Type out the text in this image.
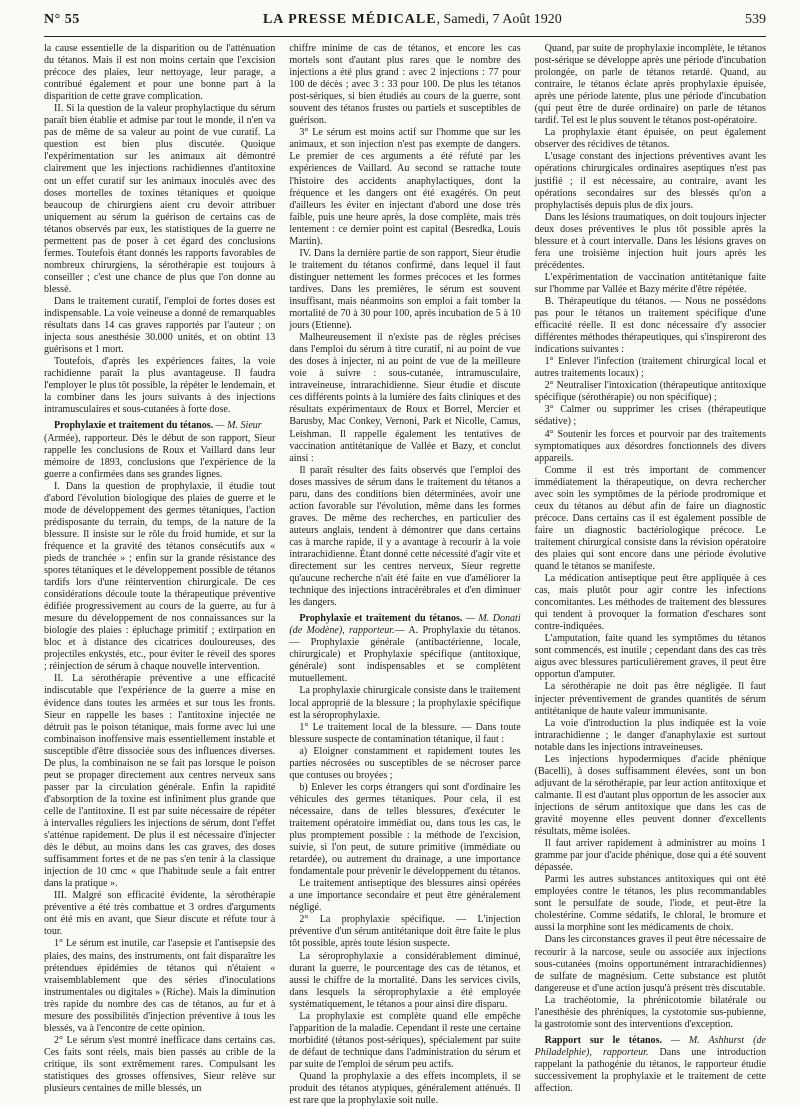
N° 55	LA PRESSE MÉDICALE, Samedi, 7 Août 1920	539

la cause essentielle de la disparition ou de l'atténuation du tétanos. Mais il est non moins certain que l'excision précoce des plaies, leur nettoyage, leur parage, a contribué également et pour une bonne part à la disparition de cette grave complication.

II. Si la question de la valeur prophylactique du sérum paraît bien établie et admise par tout le monde, il n'en va pas de même de sa valeur au point de vue curatif. La question est bien plus discutée. Quoique l'expérimentation sur les animaux ait démontré clairement que les injections rachidiennes d'antitoxine ont un effet curatif sur les animaux inoculés avec des doses mortelles de toxines tétaniques et quoique beaucoup de chirurgiens aient cru devoir attribuer uniquement au sérum la guérison de certains cas de tétanos observés par eux, les statistiques de la guerre ne permettent pas de poser à cet égard des conclusions fermes. Toutefois étant donnés les rapports favorables de nombreux chirurgiens, la sérothérapie est toujours à conseiller ; c'est une chance de plus que l'on donne au blessé.

Dans le traitement curatif, l'emploi de fortes doses est indispensable. La voie veineuse a donné de remarquables résultats dans 14 cas graves rapportés par l'auteur ; on injecta sous anesthésie 30.000 unités, et on obtint 13 guérisons et 1 mort.

Toutefois, d'après les expériences faites, la voie rachidienne paraît la plus avantageuse. Il faudra l'employer le plus tôt possible, la répéter le lendemain, et la combiner dans les jours suivants à des injections intramusculaires et sous-cutanées à forte dose.

Prophylaxie et traitement du tétanos. — M. Sieur

(Armée), rapporteur. Dès le début de son rapport, Sieur rappelle les conclusions de Roux et Vaillard dans leur mémoire de 1893, conclusions que l'expérience de la guerre a confirmées dans ses grandes lignes.

I. Dans la question de prophylaxie, il étudie tout d'abord l'évolution biologique des plaies de guerre et le mode de développement des germes tétaniques, l'action prédisposante du terrain, du temps, de la nature de la blessure. Il insiste sur le rôle du froid humide, et sur la fréquence et la gravité des tétanos consécutifs aux « pieds de tranchée » ; enfin sur la grande résistance des spores tétaniques et le développement possible de tétanos tardifs lors d'une réintervention chirurgicale. De ces considérations découle toute la thérapeutique préventive édifiée progressivement au cours de la guerre, au fur à mesure du développement de nos connaissances sur la biologie des plaies : épluchage primitif ; extirpation en bloc et à distance des cicatrices douloureuses, des projectiles enkystés, etc., pour éviter le réveil des spores ; réinjection de sérum à chaque nouvelle intervention.

II. La sérothérapie préventive a une efficacité indiscutable que l'expérience de la guerre a mise en évidence dans toutes les armées et sur tous les fronts. Sieur en rappelle les bases : l'antitoxine injectée ne détruit pas le poison tétanique, mais forme avec lui une combinaison inoffensive mais essentiellement instable et susceptible d'être dissociée sous des influences diverses. De plus, la combinaison ne se fait pas lorsque le poison peut se propager directement aux centres nerveux sans passer par la circulation générale. Enfin la rapidité d'absorption de la toxine est infiniment plus grande que celle de l'antitoxine. Il est par suite nécessaire de répéter à intervalles réguliers les injections de sérum, dont l'effet s'atténue rapidement. De plus il est nécessaire d'injecter dès le début, au moins dans les cas graves, des doses suffisamment fortes et de ne pas s'en tenir à la classique injection de 10 cmc « que l'habitude seule a fait entrer dans la pratique ».

III. Malgré son efficacité évidente, la sérothérapie préventive a été très combattue et 3 ordres d'arguments ont été mis en avant, que Sieur discute et réfute tour à tour.

1° Le sérum est inutile, car l'asepsie et l'antisepsie des plaies, des mains, des instruments, ont fait disparaître les prétendues épidémies de tétanos qui n'étaient « vraisemblablement que des séries d'inoculations instrumentales ou digitales » (Riche). Mais la diminution très rapide du nombre des cas de tétanos, au fur et à mesure des possibilités d'injection préventive à tous les blessés, va à l'encontre de cette opinion.

2° Le sérum s'est montré inefficace dans certains cas. Ces faits sont réels, mais bien passés au crible de la critique, ils sont extrêmement rares. Compulsant les statistiques des grosses offensives, Sieur relève sur plusieurs centaines de mille blessés, un

chiffre minime de cas de tétanos, et encore les cas mortels sont d'autant plus rares que le nombre des injections a été plus grand : avec 2 injections : 77 pour 100 de décès ; avec 3 : 33 pour 100. De plus les tétanos post-sériques, si bien étudiés au cours de la guerre, sont souvent des tétanos frustes ou partiels et susceptibles de guérison.

3° Le sérum est moins actif sur l'homme que sur les animaux, et son injection n'est pas exempte de dangers. Le premier de ces arguments a été réfuté par les expériences de Vaillard. Au second se rattache toute l'histoire des accidents anaphylactiques, dont la fréquence et les dangers ont été exagérés. On peut d'ailleurs les éviter en injectant d'abord une dose très faible, puis une heure après, la dose complète, mais très lentement : ce dernier point est capital (Besredka, Louis Martin).

IV. Dans la dernière partie de son rapport, Sieur étudie le traitement du tétanos confirmé, dans lequel il faut distinguer nettement les formes précoces et les formes tardives. Dans les premières, le sérum est souvent insuffisant, mais néanmoins son emploi a fait tomber la mortalité de 70 à 30 pour 100, après incubation de 5 à 10 jours (Etienne).

Malheureusement il n'existe pas de règles précises dans l'emploi du sérum à titre curatif, ni au point de vue des doses à injecter, ni au point de vue de la meilleure voie à suivre : sous-cutanée, intramusculaire, intraveineuse, intrarachidienne. Sieur étudie et discute ces différents points à la lumière des faits cliniques et des résultats expérimentaux de Roux et Borrel, Mercier et Barusby, Mac Conkey, Vernoni, Park et Nicolle, Camus, Leishman. Il rappelle également les tentatives de vaccination antitétanique de Vallée et Bazy, et conclut ainsi :

Il paraît résulter des faits observés que l'emploi des doses massives de sérum dans le traitement du tétanos a paru, dans des conditions bien déterminées, avoir une action favorable sur l'évolution, même dans les formes graves. De même des recherches, en particulier des auteurs anglais, tendent à démontrer que dans certains cas à marche rapide, il y a avantage à recourir à la voie intrarachidienne. Étant donné cette nécessité d'agir vite et directement sur les centres nerveux, Sieur regrette qu'aucune recherche n'ait été faite en vue d'améliorer la technique des injections intracérébrales et d'en diminuer les dangers.

Prophylaxie et traitement du tétanos. — M. Donati (de Modène), rapporteur.— A. Prophylaxie du tétanos. — Prophylaxie générale (antibactérienne, locale, chirurgicale) et Prophylaxie spécifique (antitoxique, générale) sont indispensables et se complètent mutuellement.

La prophylaxie chirurgicale consiste dans le traitement local approprié de la blessure ; la prophylaxie spécifique est la séroprophylaxie.

1° Le traitement local de la blessure. — Dans toute blessure suspecte de contamination tétanique, il faut :

a) Eloigner constamment et rapidement toutes les parties nécrosées ou susceptibles de se nécroser parce que contuses ou broyées ;

b) Enlever les corps étrangers qui sont d'ordinaire les véhicules des germes tétaniques. Pour cela, il est nécessaire, dans de telles blessures, d'exécuter le traitement opératoire immédiat ou, dans tous les cas, le plus promptement possible : la méthode de l'excision, suivie, si l'on peut, de suture primitive (immédiate ou retardée), ou autrement du drainage, a une importance fondamentale pour prévenir le développement du tétanos.

Le traitement antiseptique des blessures ainsi opérées a une importance secondaire et peut être généralement négligé.

2° La prophylaxie spécifique. — L'injection préventive d'un sérum antitétanique doit être faite le plus tôt possible, après toute lésion suspecte.

La séroprophylaxie a considérablement diminué, durant la guerre, le pourcentage des cas de tétanos, et aussi le chiffre de la mortalité. Dans les services civils, dans lesquels la séroprophylaxie a été employée systématiquement, le tétanos a pour ainsi dire disparu.

La prophylaxie est complète quand elle empêche l'apparition de la maladie. Cependant il reste une certaine morbidité (tétanos post-sériques), spécialement par suite de défaut de technique dans l'administration du sérum et par suite de l'emploi de sérum peu actifs.

Quand la prophylaxie a des effets incomplets, il se produit des tétanos atypiques, généralement atténués. Il est rare que la prophylaxie soit nulle.

Quand, par suite de prophylaxie incomplète, le tétanos post-sérique se développe après une période d'incubation prolongée, on parle de tétanos retardé. Quand, au contraire, le tétanos éclate après prophylaxie épuisée, après une période latente, plus une période d'incubation (qui peut être de durée ordinaire) on parle de tétanos tardif. Tel est le plus souvent le tétanos post-opératoire.

La prophylaxie étant épuisée, on peut également observer des récidives de tétanos.

L'usage constant des injections préventives avant les opérations chirurgicales ordinaires aseptiques n'est pas justifié ; il est nécessaire, au contraire, avant les opérations secondaires sur des blessés qu'on a prophylactisés depuis plus de dix jours.

Dans les lésions traumatiques, on doit toujours injecter deux doses préventives le plus tôt possible après la blessure et à court intervalle. Dans les lésions graves on fera une troisième injection huit jours après les précédentes.

L'expérimentation de vaccination antitétanique faite sur l'homme par Vallée et Bazy mérite d'être répétée.

B. Thérapeutique du tétanos. — Nous ne possédons pas pour le tétanos un traitement spécifique d'une efficacité réelle. Il est donc nécessaire d'y associer différentes méthodes thérapeutiques, qui s'inspireront des indications suivantes :

1° Enlever l'infection (traitement chirurgical local et autres traitements locaux) ;

2° Neutraliser l'intoxication (thérapeutique antitoxique spécifique (sérothérapie) ou non spécifique) ;

3° Calmer ou supprimer les crises (thérapeutique sédative) ;

4° Soutenir les forces et pourvoir par des traitements symptomatiques aux désordres fonctionnels des divers appareils.

Comme il est très important de commencer immédiatement la thérapeutique, on devra rechercher avec soin les symptômes de la période prodromique et ceux du tétanos au début afin de faire un diagnostic précoce. Dans certains cas il est également possible de faire un diagnostic bactériologique précoce. Le traitement chirurgical consiste dans la révision opératoire des plaies qui sont encore dans une période évolutive quand le tétanos se manifeste.

La médication antiseptique peut être appliquée à ces cas, mais plutôt pour agir contre les infections concomitantes. Les méthodes de traitement des blessures qui tendent à provoquer la formation d'eschares sont contre-indiquées.

L'amputation, faite quand les symptômes du tétanos sont commencés, est inutile ; cependant dans des cas très aigus avec blessures particulièrement graves, il peut être opportun d'amputer.

La sérothérapie ne doit pas être négligée. Il faut injecter préventivement de grandes quantités de sérum antitétanique de haute valeur immunisante.

La voie d'introduction la plus indiquée est la voie intrarachidienne ; le danger d'anaphylaxie est surtout notable dans les injections intraveineuses.

Les injections hypodermiques d'acide phénique (Bacelli), à doses suffisamment élevées, sont un bon adjuvant de la sérothérapie, par leur action antitoxique et calmante. Il est d'autant plus opportun de les associer aux injections de sérum antitoxique que dans les cas de gravité moyenne elles peuvent donner d'excellents résultats, même isolées.

Il faut arriver rapidement à administrer au moins 1 gramme par jour d'acide phénique, dose qui a été souvent dépassée.

Parmi les autres substances antitoxiques qui ont été employées contre le tétanos, les plus recommandables sont le persulfate de soude, l'iode, et peut-être la cholestérine. Comme sédatifs, le chloral, le bromure et aussi la morphine sont les médicaments de choix.

Dans les circonstances graves il peut être nécessaire de recourir à la narcose, seule ou associée aux injections sous-cutanées (moins opportunément intrarachidiennes) de sulfate de magnésium. Cette substance est plutôt dangereuse et d'une action jusqu'à présent très discutable.

La trachéotomie, la phrénicotomie bilatérale ou l'anesthésie des phréniques, la cystotomie sus-pubienne, la gastrotomie sont des interventions d'exception.

Rapport sur le tétanos. — M. Ashhurst (de Philadelphie), rapporteur. Dans une introduction rappelant la pathogénie du tétanos, le rapporteur étudie successivement la prophylaxie et le traitement de cette affection.
